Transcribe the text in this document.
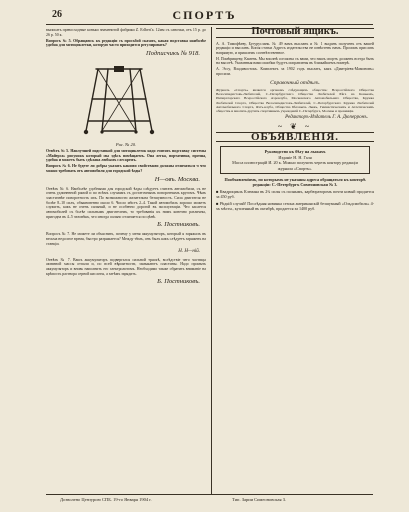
26	СПОРТЪ

выписать превосходные коньки знаменитой фабрики Z. Erlbert'a. 12мм съ саночки, отъ 15 р. до 26 р. 50 к.

Вопросъ № 5. Обращаюсь къ редакціи съ просьбой сказать, какая подставка наиболѣе удобна для мотоциклетки, которую часто приходится регулировать?

Подписчикъ № 918.
Рис. № 20.

Отвѣтъ № 5. Наилучшей подставкой для мотоциклеток надо считать подставку системы «Майерса» рисунокъ который мы здѣсь помѣщаемъ. Она легка, портативна, прочна, удобна и можетъ быть сдѣлана любымъ слесаремъ.

Вопросъ № 6. Не будете ли добры указать какими свойствами должны отличаться ч что можно требовать отъ автомобиля для городской ѣзды?

Н—овъ. Москва.

Отвѣтъ № 6. Наиболѣе удобными для городской ѣзды слѣдуетъ считать автомобили, съ не очень удлиненной рамой и по всѣмъ случаямъ съ достаточнымъ поворотнымъ кругомъ. Чѣмъ эластичнѣе поворотность ихъ. По возможности желательна безшумность. Сила двигателя не болѣе 8–10 силъ, обыкновенно около 6. Число мѣстъ 2–4. Такой автомобиль хорошо можетъ служить, какъ не очень сильный, и не особенно дорогой въ эксплуатаціи. Что касается автомобилей съ болѣе сильнымъ двигателемъ, то требованія къ нимъ конечно различны, пригодна въ 4–5 человѣкъ, что иногда сильно отличается по цѣнѣ.

Б. Постниковъ.

Вопросъ № 7. Не можете ли объяснить, почему у меня аккумуляторъ, который я заряжалъ въ весьма недолгое время, быстро разряжается? Между тѣмъ, онъ былъ какъ слѣдуетъ заряженъ на станціи.

Н. Н—ній.

Отвѣтъ № 7. Вашъ аккумуляторъ подвергался сильной тряскѣ, вслѣдствіе чего частицы активной массы отпали и, по всей вѣроятности, замыкаютъ пластины. Надо промыть аккумуляторъ и вновь наполнить его электролитомъ. Необходимо также обратить вниманіе на крѣпость раствора серной кислоты, а затѣмъ зарядить.

Б. Постниковъ.
Почтовый ящикъ.

А. А. Тимофѣеву, Бугуруслань. № 49 вамъ высланъ и № 1 выданъ полученъ отъ вашей редакціи и высланъ. Копія статьи Адресъ издательства не извѣстенъ намъ. Просимъ прислать напрямую, и пришлемъ соотвѣтственное.

Н. Помѣрищеву, Камень. Мы вполнѣ согласны съ вами, что нашъ спортъ долженъ всегда быть на высотѣ. Указанныя вами ошибки будутъ исправлены въ ближайшемъ номерѣ.

А. Эссу, Владивостокъ. Комплектъ за 1902 годъ выслать, какъ «Дмитріевъ-Мамоновъ» просили.

Справочный отдѣлъ.

Журналъ «Спортъ» является органомъ слѣдующихъ обществъ: Всероссійскаго Общества Велосипедистовъ-Любителей, С.-Петербургскаго Общества Любителей Бѣга на Конькахъ, Императорскаго Всероссійскаго Аэроклуба, Московскаго Автомобильнаго Общества, Кружка Любителей Спорта, Общества Велосипедистовъ-Любителей, С.-Петербургскаго Кружка Любителей Автомобильнаго Спорта, Яхтъ-клуба, Общества Бѣговыхъ Лыжъ, Гимнастическихъ и Атлетическихъ обществъ и многихъ другихъ спортивныхъ учрежденій С.-Петербурга, Москвы и провинціи.

Редакторъ-Издатель Г. А. Дюперронъ.
~ ❦ ~
ОБЪЯВЛЕНІЯ.
Руководство къ бѣгу на лыжахъ
Изданіе Н. Н. Галя
Масса иллюстрацій И. 20 к. Можно получить черезъ контору редакціи журнала «Спортъ».
Пообъявленіямъ, по которымъ не указаны адреса обращаться къ конторѣ редакціи: С.-Петербургъ Симеоновская № 3.

■ Квадрицикль Клемана въ 2¾ силы съ полнымъ, карбюраторомъ почти новый продается за 450 руб.

■ Рѣдкій случай! Послѣдняя новинка сезона американскій безшумный «Ольдсмобиль» 4-хъ мѣстн., купленный въ октябрѣ, продается за 1400 руб.

Дозволено Цензурою СПБ. 19-го Января 1904 г.	Тип. Зарии Симеоновская 3.
